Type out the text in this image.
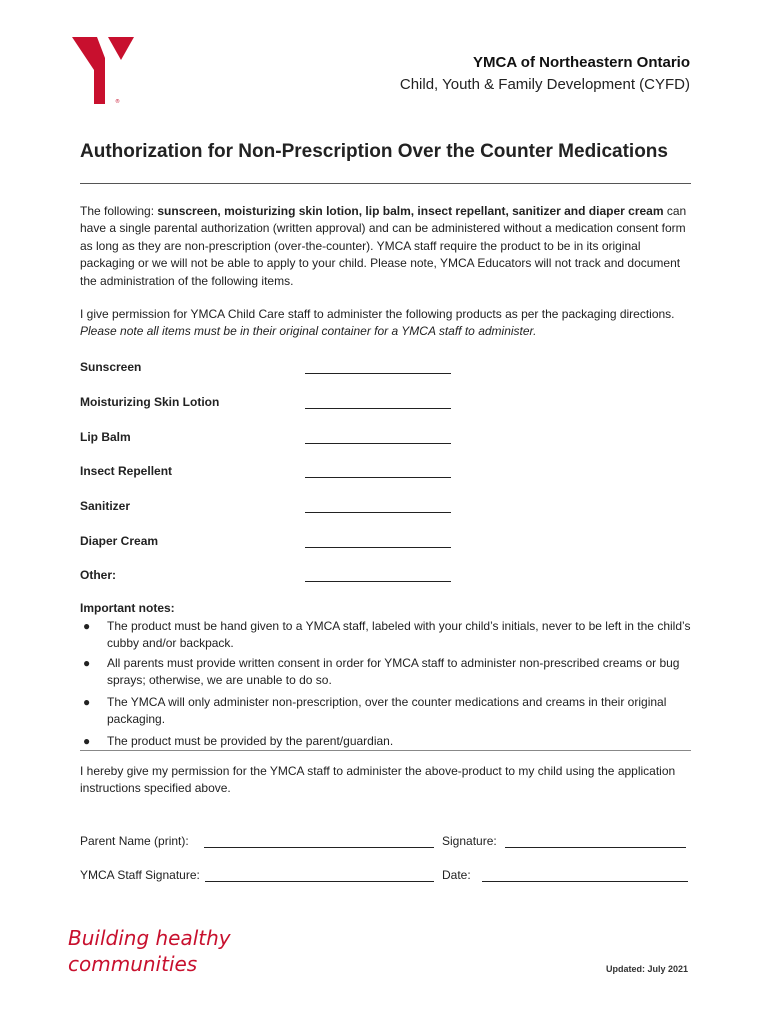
®
YMCA of Northeastern Ontario
Child, Youth & Family Development (CYFD)
Authorization for Non-Prescription Over the Counter Medications
The following: sunscreen, moisturizing skin lotion, lip balm, insect repellant, sanitizer and diaper cream can have a single parental authorization (written approval) and can be administered without a medication consent form as long as they are non-prescription (over-the-counter). YMCA staff require the product to be in its original packaging or we will not be able to apply to your child. Please note, YMCA Educators will not track and document the administration of the following items.
I give permission for YMCA Child Care staff to administer the following products as per the packaging directions. Please note all items must be in their original container for a YMCA staff to administer.
Sunscreen
Moisturizing Skin Lotion
Lip Balm
Insect Repellent
Sanitizer
Diaper Cream
Other:
Important notes:
● The product must be hand given to a YMCA staff, labeled with your child’s initials, never to be left in the child’s cubby and/or backpack.
● All parents must provide written consent in order for YMCA staff to administer non-prescribed creams or bug sprays; otherwise, we are unable to do so.
● The YMCA will only administer non-prescription, over the counter medications and creams in their original packaging.
● The product must be provided by the parent/guardian.
I hereby give my permission for the YMCA staff to administer the above-product to my child using the application instructions specified above.
Parent Name (print):	Signature:
YMCA Staff Signature:	Date:
Building healthy
communities	Updated: July 2021
